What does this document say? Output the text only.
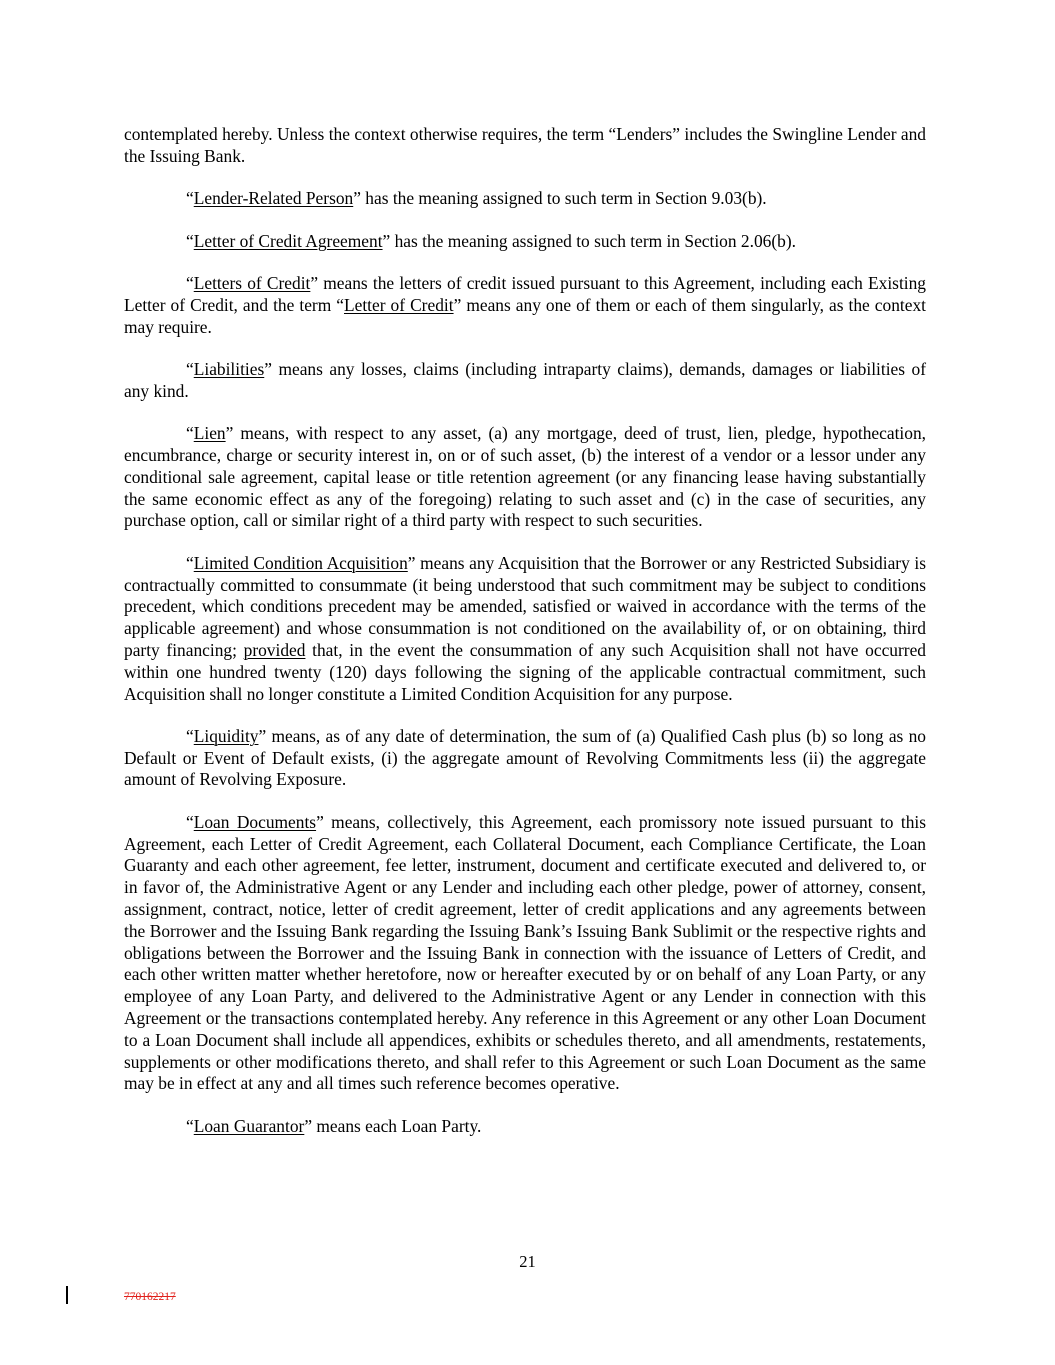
contemplated hereby. Unless the context otherwise requires, the term “Lenders” includes the Swingline Lender and the Issuing Bank.

“Lender-Related Person” has the meaning assigned to such term in Section 9.03(b).

“Letter of Credit Agreement” has the meaning assigned to such term in Section 2.06(b).

“Letters of Credit” means the letters of credit issued pursuant to this Agreement, including each Existing Letter of Credit, and the term “Letter of Credit” means any one of them or each of them singularly, as the context may require.

“Liabilities” means any losses, claims (including intraparty claims), demands, damages or liabilities of any kind.

“Lien” means, with respect to any asset, (a) any mortgage, deed of trust, lien, pledge, hypothecation, encumbrance, charge or security interest in, on or of such asset, (b) the interest of a vendor or a lessor under any conditional sale agreement, capital lease or title retention agreement (or any financing lease having substantially the same economic effect as any of the foregoing) relating to such asset and (c) in the case of securities, any purchase option, call or similar right of a third party with respect to such securities.

“Limited Condition Acquisition” means any Acquisition that the Borrower or any Restricted Subsidiary is contractually committed to consummate (it being understood that such commitment may be subject to conditions precedent, which conditions precedent may be amended, satisfied or waived in accordance with the terms of the applicable agreement) and whose consummation is not conditioned on the availability of, or on obtaining, third party financing; provided that, in the event the consummation of any such Acquisition shall not have occurred within one hundred twenty (120) days following the signing of the applicable contractual commitment, such Acquisition shall no longer constitute a Limited Condition Acquisition for any purpose.

“Liquidity” means, as of any date of determination, the sum of (a) Qualified Cash plus (b) so long as no Default or Event of Default exists, (i) the aggregate amount of Revolving Commitments less (ii) the aggregate amount of Revolving Exposure.

“Loan Documents” means, collectively, this Agreement, each promissory note issued pursuant to this Agreement, each Letter of Credit Agreement, each Collateral Document, each Compliance Certificate, the Loan Guaranty and each other agreement, fee letter, instrument, document and certificate executed and delivered to, or in favor of, the Administrative Agent or any Lender and including each other pledge, power of attorney, consent, assignment, contract, notice, letter of credit agreement, letter of credit applications and any agreements between the Borrower and the Issuing Bank regarding the Issuing Bank’s Issuing Bank Sublimit or the respective rights and obligations between the Borrower and the Issuing Bank in connection with the issuance of Letters of Credit, and each other written matter whether heretofore, now or hereafter executed by or on behalf of any Loan Party, or any employee of any Loan Party, and delivered to the Administrative Agent or any Lender in connection with this Agreement or the transactions contemplated hereby. Any reference in this Agreement or any other Loan Document to a Loan Document shall include all appendices, exhibits or schedules thereto, and all amendments, restatements, supplements or other modifications thereto, and shall refer to this Agreement or such Loan Document as the same may be in effect at any and all times such reference becomes operative.

“Loan Guarantor” means each Loan Party.

21
770162217
